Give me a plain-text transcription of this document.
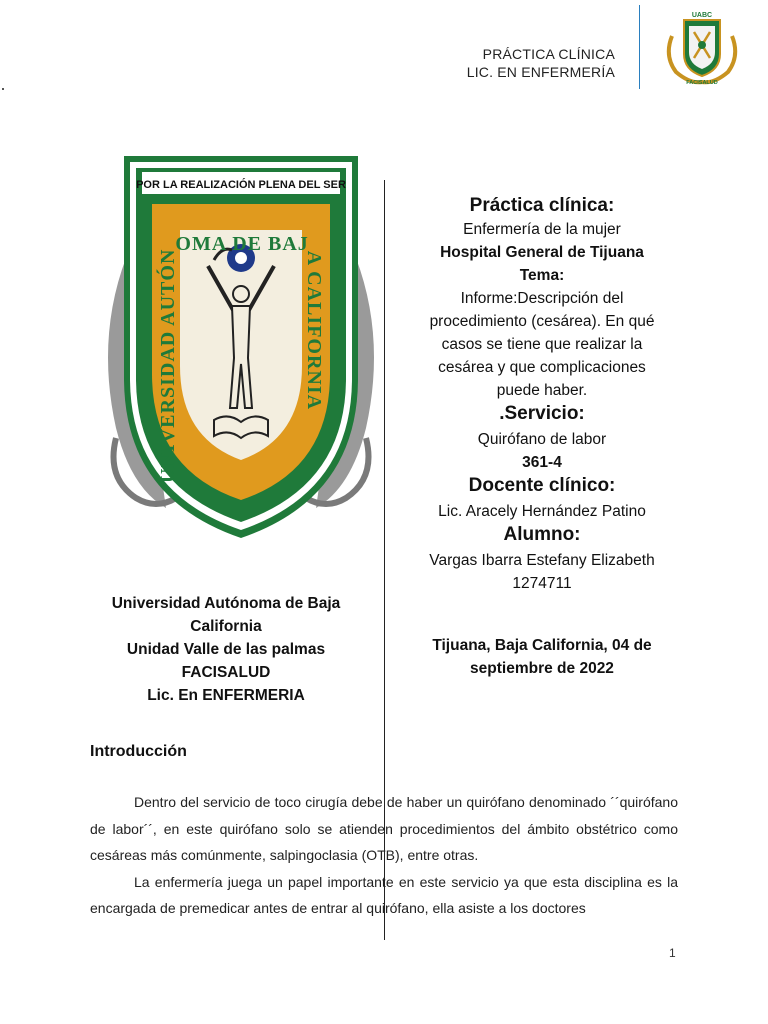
PRÁCTICA CLÍNICA
LIC. EN ENFERMERÍA
UABC
FACISALUD
POR LA REALIZACIÓN PLENA DEL SER
UNIVERSIDAD AUTÓNOMA DE BAJA CALIFORNIA
Práctica clínica:
Enfermería de la mujer
Hospital General de Tijuana
Tema:
Informe:Descripción del
procedimiento (cesárea). En qué
casos se tiene que realizar la
cesárea y que complicaciones
puede haber.
.Servicio:
Quirófano de labor
361-4
Docente clínico:
Lic. Aracely Hernández Patino
Alumno:
Vargas Ibarra Estefany Elizabeth
1274711
Tijuana, Baja California, 04 de
septiembre de 2022
Universidad Autónoma de Baja
California
Unidad Valle de las palmas
FACISALUD
Lic. En ENFERMERIA
Introducción

Dentro del servicio de toco cirugía debe de haber un quirófano denominado ´´quirófano de labor´´, en este quirófano solo se atienden procedimientos del ámbito obstétrico como cesáreas más comúnmente, salpingoclasia (OTB), entre otras.

La enfermería juega un papel importante en este servicio ya que esta disciplina es la encargada de premedicar antes de entrar al quirófano, ella asiste a los doctores

1
